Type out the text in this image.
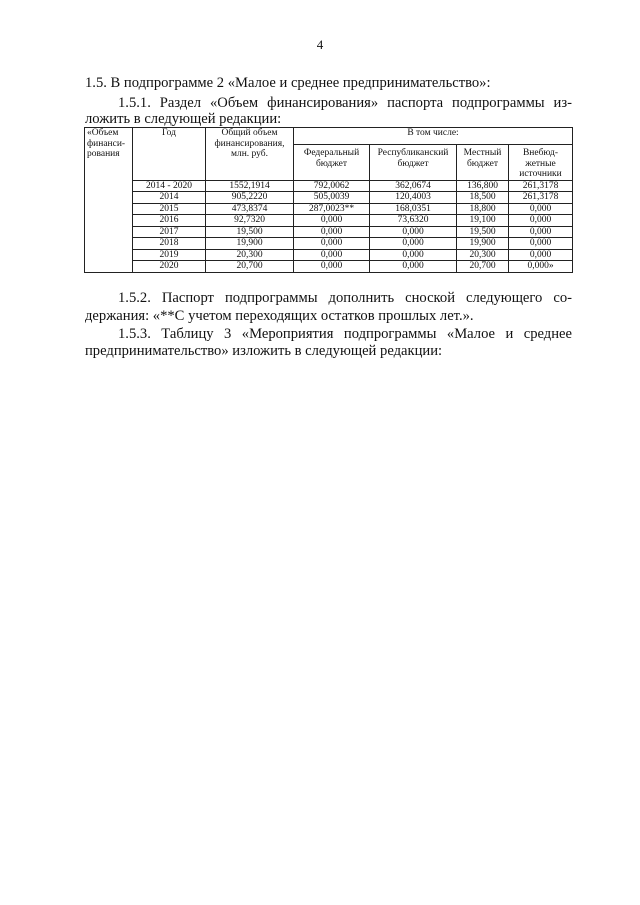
4
1.5. В подпрограмме 2 «Малое и среднее предпринимательство»:
1.5.1. Раздел «Объем финансирования» паспорта подпрограммы из-
ложить в следующей редакции:
«Объем
финанси-
рования	Год	Общий объем
финансирования,
млн. руб.	В том числе:			
			Федеральный
бюджет	Республиканский
бюджет	Местный
бюджет	Внебюд-
жетные
источники

	2014 - 2020	1552,1914	792,0062	362,0674	136,800	261,3178
	2014	905,2220	505,0039	120,4003	18,500	261,3178
	2015	473,8374	287,0023**	168,0351	18,800	0,000
	2016	92,7320	0,000	73,6320	19,100	0,000
	2017	19,500	0,000	0,000	19,500	0,000
	2018	19,900	0,000	0,000	19,900	0,000
	2019	20,300	0,000	0,000	20,300	0,000
	2020	20,700	0,000	0,000	20,700	0,000»
1.5.2. Паспорт подпрограммы дополнить сноской следующего со-
держания: «**С учетом переходящих остатков прошлых лет.».
1.5.3. Таблицу 3 «Мероприятия подпрограммы «Малое и среднее
предпринимательство» изложить в следующей редакции:
